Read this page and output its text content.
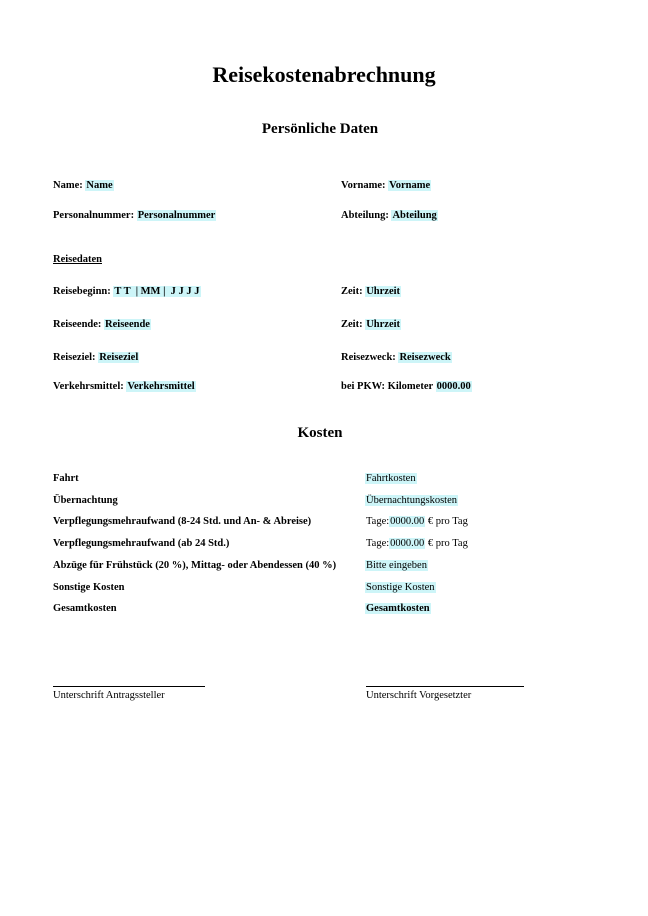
Reisekostenabrechnung
Persönliche Daten
Name: Name	Vorname: Vorname
Personalnummer: Personalnummer	Abteilung: Abteilung
Reisedaten
Reisebeginn: T T  | MM |  J J J J	Zeit: Uhrzeit
Reiseende: Reiseende	Zeit: Uhrzeit
Reiseziel: Reiseziel	Reisezweck: Reisezweck
Verkehrsmittel: Verkehrsmittel	bei PKW: Kilometer 0000.00
Kosten
Fahrt	Fahrtkosten
Übernachtung	Übernachtungskosten
Verpflegungsmehraufwand (8-24 Std. und An- & Abreise)	Tage:0000.00 € pro Tag
Verpflegungsmehraufwand (ab 24 Std.)	Tage:0000.00 € pro Tag
Abzüge für Frühstück (20 %), Mittag- oder Abendessen (40 %)	Bitte eingeben
Sonstige Kosten	Sonstige Kosten
Gesamtkosten	Gesamtkosten
Unterschrift Antragssteller	Unterschrift Vorgesetzter
